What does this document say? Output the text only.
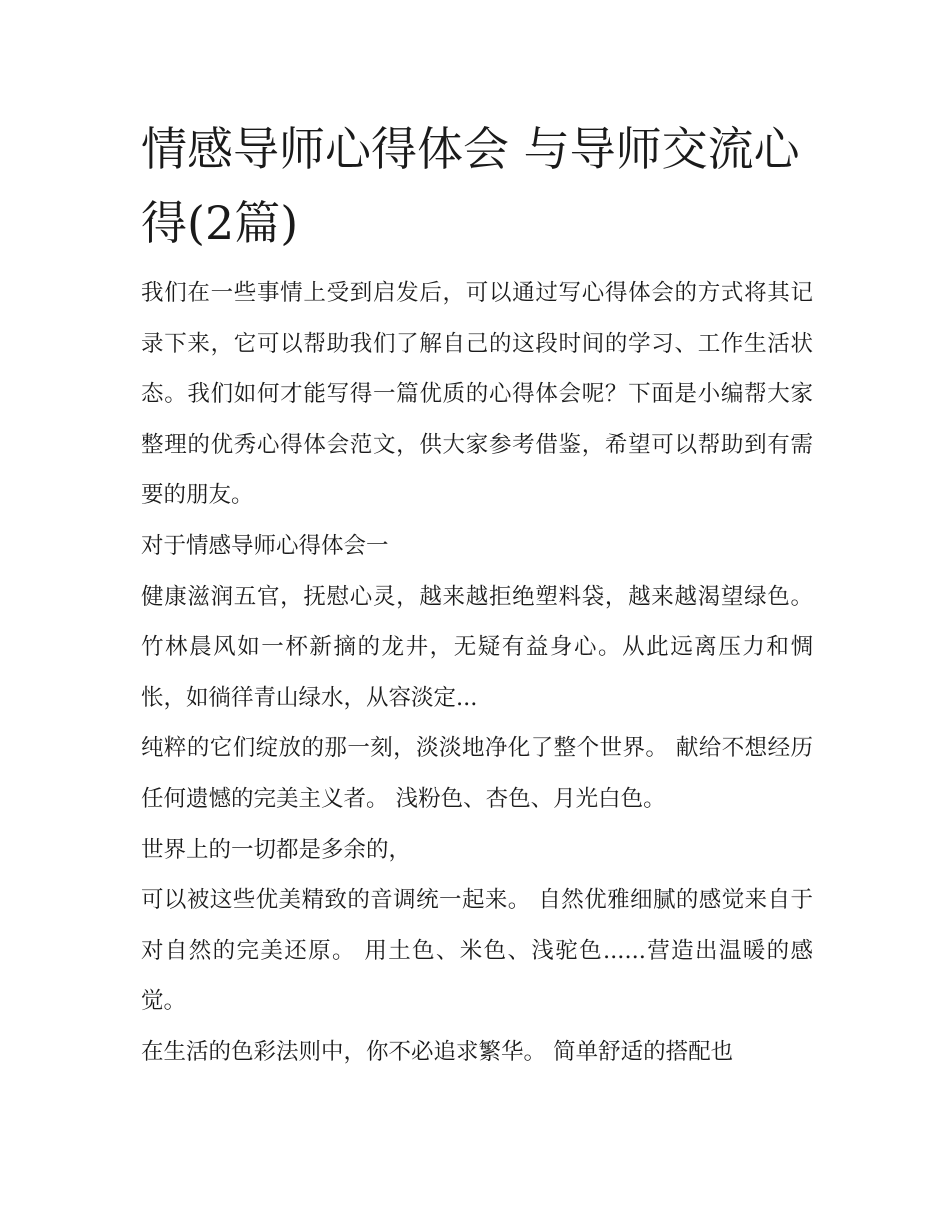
情感导师心得体会 与导师交流心得(2篇)

我们在一些事情上受到启发后，可以通过写心得体会的方式将其记录下来，它可以帮助我们了解自己的这段时间的学习、工作生活状态。我们如何才能写得一篇优质的心得体会呢？下面是小编帮大家整理的优秀心得体会范文，供大家参考借鉴，希望可以帮助到有需要的朋友。

对于情感导师心得体会一

健康滋润五官，抚慰心灵，越来越拒绝塑料袋，越来越渴望绿色。竹林晨风如一杯新摘的龙井，无疑有益身心。从此远离压力和惆怅，如徜徉青山绿水，从容淡定...

纯粹的它们绽放的那一刻，淡淡地净化了整个世界。 献给不想经历任何遗憾的完美主义者。 浅粉色、杏色、月光白色。

世界上的一切都是多余的，

可以被这些优美精致的音调统一起来。 自然优雅细腻的感觉来自于对自然的完美还原。 用土色、米色、浅驼色......营造出温暖的感觉。

在生活的色彩法则中，你不必追求繁华。 简单舒适的搭配也
